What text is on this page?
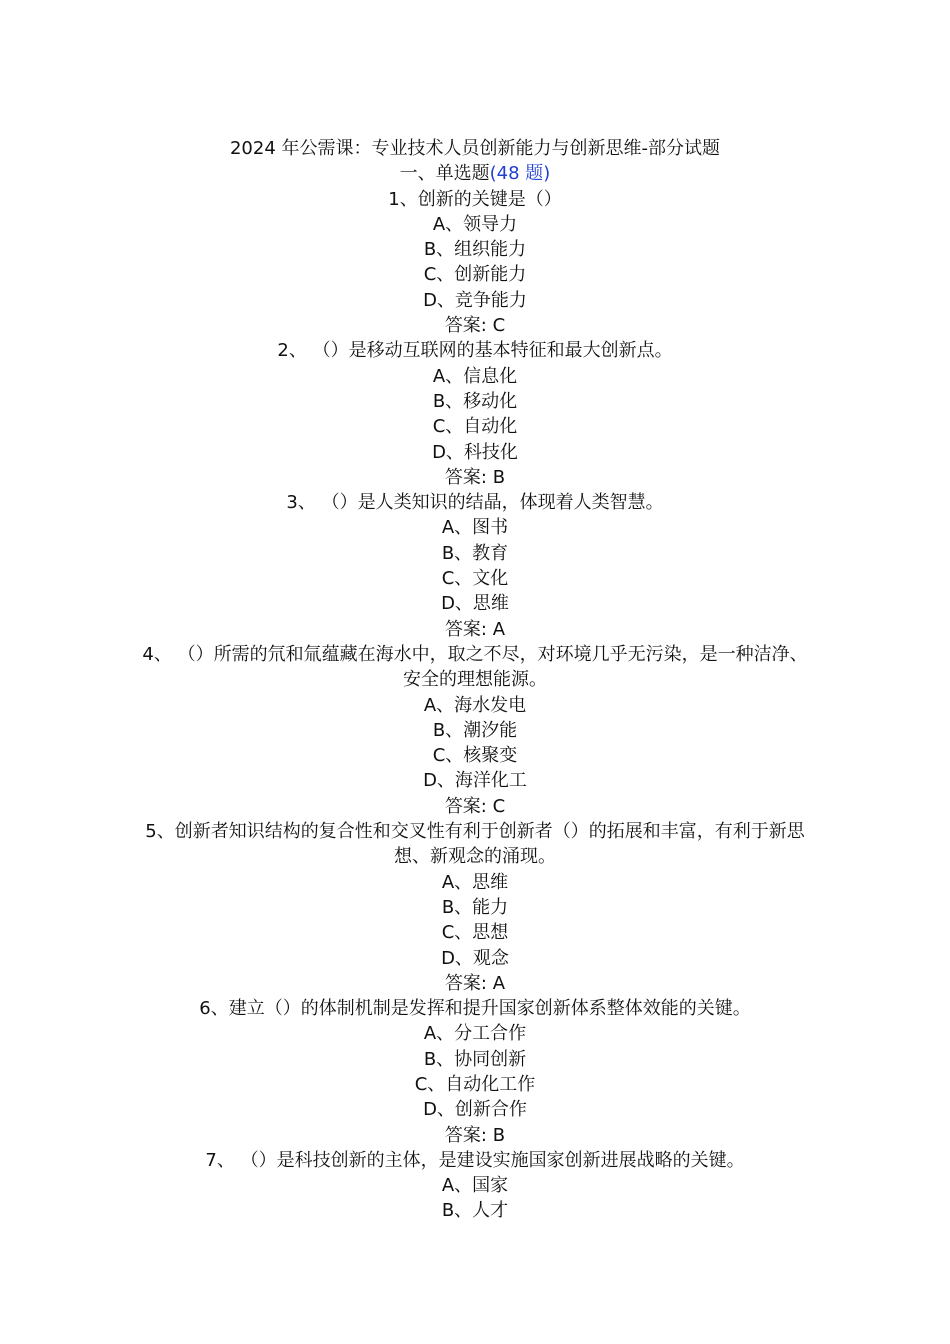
2024 年公需课：专业技术人员创新能力与创新思维-部分试题
一、单选题(48 题)
1、创新的关键是（）
A、领导力
B、组织能力
C、创新能力
D、竞争能力
答案: C
2、 （）是移动互联网的基本特征和最大创新点。
A、信息化
B、移动化
C、自动化
D、科技化
答案: B
3、 （）是人类知识的结晶，体现着人类智慧。
A、图书
B、教育
C、文化
D、思维
答案: A
4、 （）所需的氘和氚蕴藏在海水中，取之不尽，对环境几乎无污染，是一种洁净、
安全的理想能源。
A、海水发电
B、潮汐能
C、核聚变
D、海洋化工
答案: C
5、创新者知识结构的复合性和交叉性有利于创新者（）的拓展和丰富，有利于新思
想、新观念的涌现。
A、思维
B、能力
C、思想
D、观念
答案: A
6、建立（）的体制机制是发挥和提升国家创新体系整体效能的关键。
A、分工合作
B、协同创新
C、自动化工作
D、创新合作
答案: B
7、 （）是科技创新的主体，是建设实施国家创新进展战略的关键。
A、国家
B、人才
